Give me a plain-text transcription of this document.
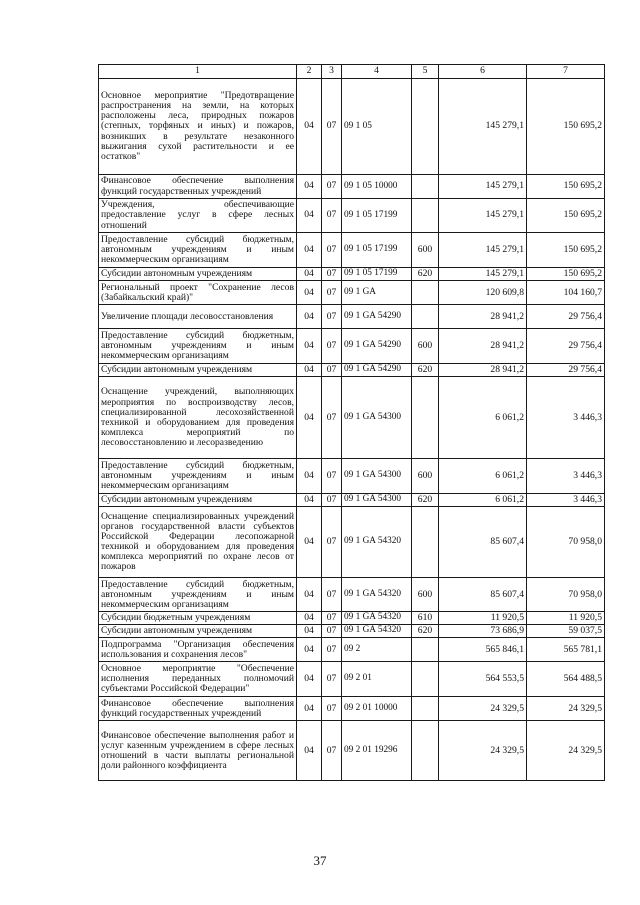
1	2	3	4	5	6	7
Основное мероприятие "Предотвращение распространения на земли, на которых расположены леса, природных пожаров (степных, торфяных и иных) и пожаров, возникших в результате незаконного выжигания сухой растительности и ее остатков"	04	07	09 1 05		145 279,1	150 695,2
Финансовое обеспечение выполнения функций государственных учреждений	04	07	09 1 05 10000		145 279,1	150 695,2
Учреждения, обеспечивающие предоставление услуг в сфере лесных отношений	04	07	09 1 05 17199		145 279,1	150 695,2
Предоставление субсидий бюджетным, автономным учреждениям и иным некоммерческим организациям	04	07	09 1 05 17199	600	145 279,1	150 695,2
Субсидии автономным учреждениям	04	07	09 1 05 17199	620	145 279,1	150 695,2
Региональный проект "Сохранение лесов (Забайкальский край)"	04	07	09 1 GA		120 609,8	104 160,7
Увеличение площади лесовосстановления	04	07	09 1 GA 54290		28 941,2	29 756,4
Предоставление субсидий бюджетным, автономным учреждениям и иным некоммерческим организациям	04	07	09 1 GA 54290	600	28 941,2	29 756,4
Субсидии автономным учреждениям	04	07	09 1 GA 54290	620	28 941,2	29 756,4
Оснащение учреждений, выполняющих мероприятия по воспроизводству лесов, специализированной лесохозяйственной техникой и оборудованием для проведения комплекса мероприятий по лесовосстановлению и лесоразведению	04	07	09 1 GA 54300		6 061,2	3 446,3
Предоставление субсидий бюджетным, автономным учреждениям и иным некоммерческим организациям	04	07	09 1 GA 54300	600	6 061,2	3 446,3
Субсидии автономным учреждениям	04	07	09 1 GA 54300	620	6 061,2	3 446,3
Оснащение специализированных учреждений органов государственной власти субъектов Российской Федерации лесопожарной техникой и оборудованием для проведения комплекса мероприятий по охране лесов от пожаров	04	07	09 1 GA 54320		85 607,4	70 958,0
Предоставление субсидий бюджетным, автономным учреждениям и иным некоммерческим организациям	04	07	09 1 GA 54320	600	85 607,4	70 958,0
Субсидии бюджетным учреждениям	04	07	09 1 GA 54320	610	11 920,5	11 920,5
Субсидии автономным учреждениям	04	07	09 1 GA 54320	620	73 686,9	59 037,5
Подпрограмма "Организация обеспечения использования и сохранения лесов"	04	07	09 2		565 846,1	565 781,1
Основное мероприятие "Обеспечение исполнения переданных полномочий субъектами Российской Федерации"	04	07	09 2 01		564 553,5	564 488,5
Финансовое обеспечение выполнения функций государственных учреждений	04	07	09 2 01 10000		24 329,5	24 329,5
Финансовое обеспечение выполнения работ и услуг казенным учреждением в сфере лесных отношений в части выплаты региональной доли районного коэффициента	04	07	09 2 01 19296		24 329,5	24 329,5
37
